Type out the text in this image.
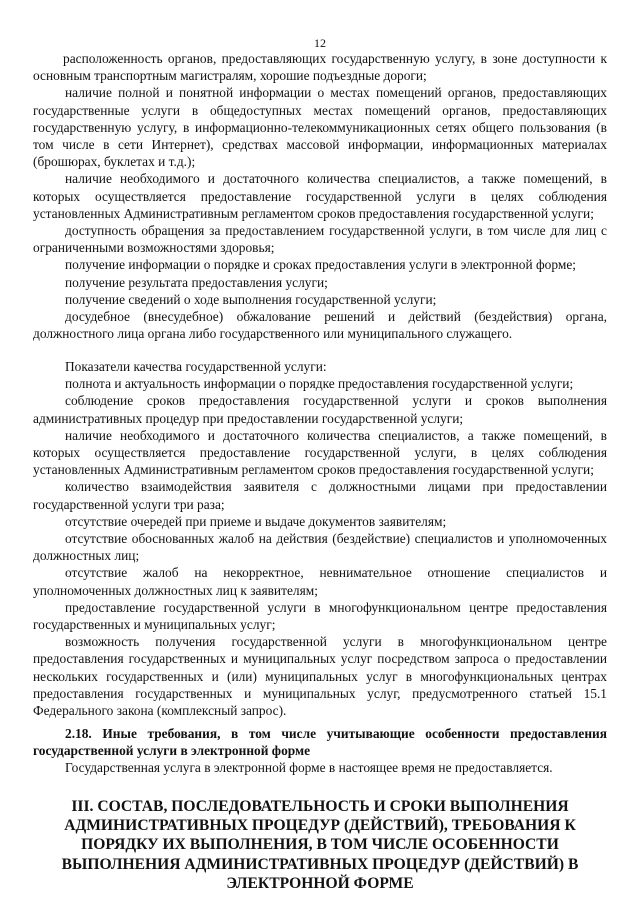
12

расположенность органов, предоставляющих государственную услугу, в зоне доступности к основным транспортным магистралям, хорошие подъездные дороги;

наличие полной и понятной информации о местах помещений органов, предоставляющих государственные услуги в общедоступных местах помещений органов, предоставляющих государственную услугу, в информационно-телекоммуникационных сетях общего пользования (в том числе в сети Интернет), средствах массовой информации, информационных материалах (брошюрах, буклетах и т.д.);

наличие необходимого и достаточного количества специалистов, а также помещений, в которых осуществляется предоставление государственной услуги в целях соблюдения установленных Административным регламентом сроков предоставления государственной услуги;

доступность обращения за предоставлением государственной услуги, в том числе для лиц с ограниченными возможностями здоровья;

получение информации о порядке и сроках предоставления услуги в электронной форме;

получение результата предоставления услуги;

получение сведений о ходе выполнения государственной услуги;

досудебное (внесудебное) обжалование решений и действий (бездействия) органа, должностного лица органа либо государственного или муниципального служащего.

Показатели качества государственной услуги:

полнота и актуальность информации о порядке предоставления государственной услуги;

соблюдение сроков предоставления государственной услуги и сроков выполнения административных процедур при предоставлении государственной услуги;

наличие необходимого и достаточного количества специалистов, а также помещений, в которых осуществляется предоставление государственной услуги, в целях соблюдения установленных Административным регламентом сроков предоставления государственной услуги;

количество взаимодействия заявителя с должностными лицами при предоставлении государственной услуги три раза;

отсутствие очередей при приеме и выдаче документов заявителям;

отсутствие обоснованных жалоб на действия (бездействие) специалистов и уполномоченных должностных лиц;

отсутствие жалоб на некорректное, невнимательное отношение специалистов и уполномоченных должностных лиц к заявителям;

предоставление государственной услуги в многофункциональном центре предоставления государственных и муниципальных услуг;

возможность получения государственной услуги в многофункциональном центре предоставления государственных и муниципальных услуг посредством запроса о предоставлении нескольких государственных и (или) муниципальных услуг в многофункциональных центрах предоставления государственных и муниципальных услуг, предусмотренного статьей 15.1 Федерального закона (комплексный запрос).

2.18. Иные требования, в том числе учитывающие особенности предоставления государственной услуги в электронной форме

Государственная услуга в электронной форме в настоящее время не предоставляется.

III. СОСТАВ, ПОСЛЕДОВАТЕЛЬНОСТЬ И СРОКИ ВЫПОЛНЕНИЯ АДМИНИСТРАТИВНЫХ ПРОЦЕДУР (ДЕЙСТВИЙ), ТРЕБОВАНИЯ К ПОРЯДКУ ИХ ВЫПОЛНЕНИЯ, В ТОМ ЧИСЛЕ ОСОБЕННОСТИ ВЫПОЛНЕНИЯ АДМИНИСТРАТИВНЫХ ПРОЦЕДУР (ДЕЙСТВИЙ) В ЭЛЕКТРОННОЙ ФОРМЕ
